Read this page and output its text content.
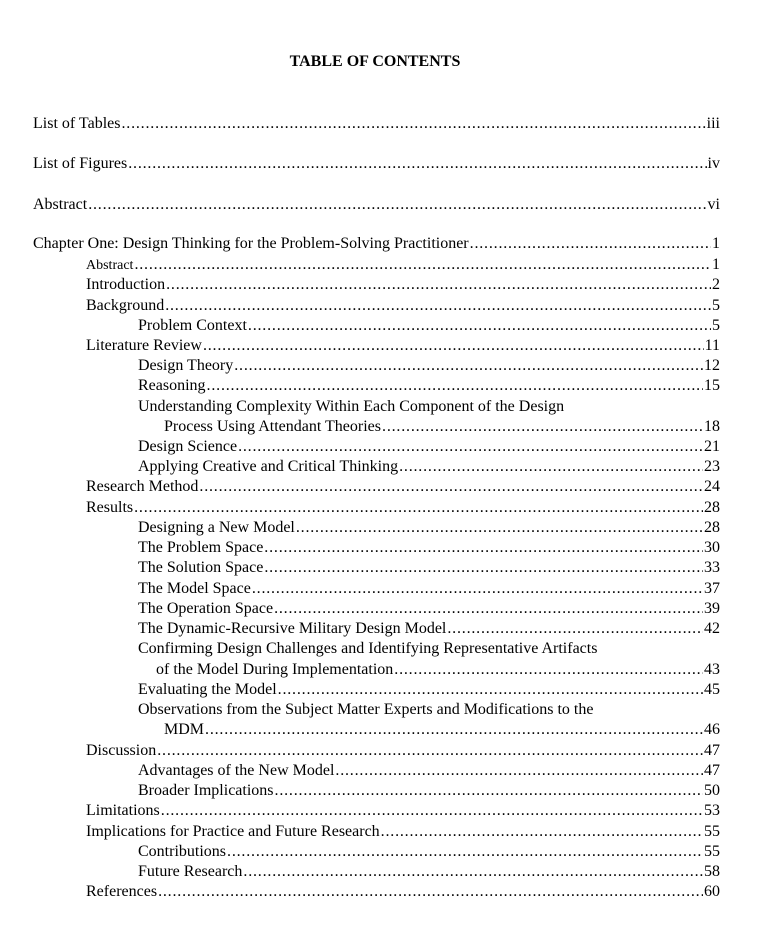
TABLE OF CONTENTS
List of Tables . . .	iii
List of Figures . . .	iv
Abstract . . .	vi
Chapter One: Design Thinking for the Problem-Solving Practitioner . . .	1
Abstract . . .	1
Introduction . . .	2
Background . . .	5
Problem Context . . .	5
Literature Review . . .	11
Design Theory . . .	12
Reasoning . . .	15
Understanding Complexity Within Each Component of the Design
Process Using Attendant Theories . . .	18
Design Science . . .	21
Applying Creative and Critical Thinking . . .	23
Research Method . . .	24
Results . . .	28
Designing a New Model . . .	28
The Problem Space . . .	30
The Solution Space . . .	33
The Model Space . . .	37
The Operation Space . . .	39
The Dynamic-Recursive Military Design Model . . .	42
Confirming Design Challenges and Identifying Representative Artifacts
of the Model During Implementation . . .	43
Evaluating the Model . . .	45
Observations from the Subject Matter Experts and Modifications to the
MDM . . .	46
Discussion . . .	47
Advantages of the New Model . . .	47
Broader Implications . . .	50
Limitations . . .	53
Implications for Practice and Future Research . . .	55
Contributions . . .	55
Future Research . . .	58
References . . .	60
